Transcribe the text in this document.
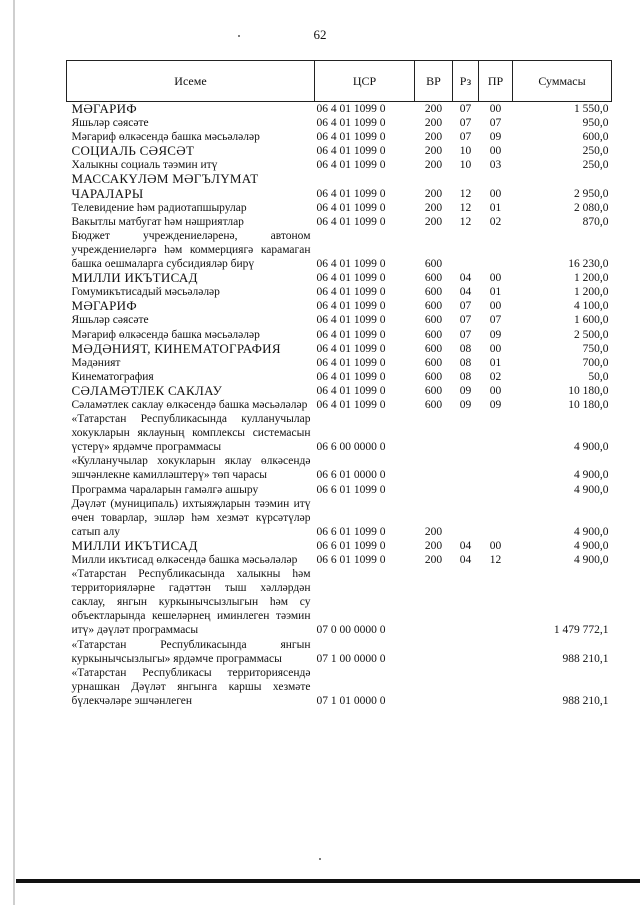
62
Исеме	ЦСР	ВР	Рз	ПР	Суммасы
МӘГАРИФ	06 4 01 1099 0	200	07	00	1 550,0
Яшьләр сәясәте	06 4 01 1099 0	200	07	07	950,0
Мәгариф өлкәсендә башка мәсьәләләр	06 4 01 1099 0	200	07	09	600,0
СОЦИАЛЬ СӘЯСӘТ	06 4 01 1099 0	200	10	00	250,0
Халыкны социаль тәэмин итү	06 4 01 1099 0	200	10	03	250,0
МАССАКҮЛӘМ МӘГЪЛҮМАТ ЧАРАЛАРЫ	06 4 01 1099 0	200	12	00	2 950,0
Телевидение һәм радиотапшырулар	06 4 01 1099 0	200	12	01	2 080,0
Вакытлы матбугат һәм нәшриятлар	06 4 01 1099 0	200	12	02	870,0
Бюджет учреждениеләренә, автоном учреждениеләргә һәм коммерциягә карамаган башка оешмаларга субсидияләр бирү	06 4 01 1099 0	600			16 230,0
МИЛЛИ ИКЪТИСАД	06 4 01 1099 0	600	04	00	1 200,0
Гомумикътисадый мәсьәләләр	06 4 01 1099 0	600	04	01	1 200,0
МӘГАРИФ	06 4 01 1099 0	600	07	00	4 100,0
Яшьләр сәясәте	06 4 01 1099 0	600	07	07	1 600,0
Мәгариф өлкәсендә башка мәсьәләләр	06 4 01 1099 0	600	07	09	2 500,0
МӘДӘНИЯТ, КИНЕМАТОГРАФИЯ	06 4 01 1099 0	600	08	00	750,0
Мәдәният	06 4 01 1099 0	600	08	01	700,0
Кинематография	06 4 01 1099 0	600	08	02	50,0
СӘЛАМӘТЛЕК САКЛАУ	06 4 01 1099 0	600	09	00	10 180,0
Сәламәтлек саклау өлкәсендә башка мәсьәләләр	06 4 01 1099 0	600	09	09	10 180,0
«Татарстан Республикасында кулланучылар хокукларын яклауның комплексы системасын үстерү» ярдәмче программасы	06 6 00 0000 0				4 900,0
«Кулланучылар хокукларын яклау өлкәсендә эшчәнлекне камилләштерү» төп чарасы	06 6 01 0000 0				4 900,0
Программа чараларын гамәлгә ашыру	06 6 01 1099 0				4 900,0
Дәүләт (муниципаль) ихтыяҗларын тәэмин итү өчен товарлар, эшләр һәм хезмәт күрсәтүләр сатып алу	06 6 01 1099 0	200			4 900,0
МИЛЛИ ИКЪТИСАД	06 6 01 1099 0	200	04	00	4 900,0
Милли икътисад өлкәсендә башка мәсьәләләр	06 6 01 1099 0	200	04	12	4 900,0
«Татарстан Республикасында халыкны һәм территорияләрне гадәттән тыш хәлләрдән саклау, янгын куркынычсызлыгын һәм су объектларында кешеләрнең иминлеген тәэмин итү» дәүләт программасы	07 0 00 0000 0				1 479 772,1
«Татарстан Республикасында янгын куркынычсызлыгы» ярдәмче программасы	07 1 00 0000 0				988 210,1
«Татарстан Республикасы территориясендә урнашкан Дәүләт янгынга каршы хезмәте бүлекчәләре эшчәнлеген	07 1 01 0000 0				988 210,1
